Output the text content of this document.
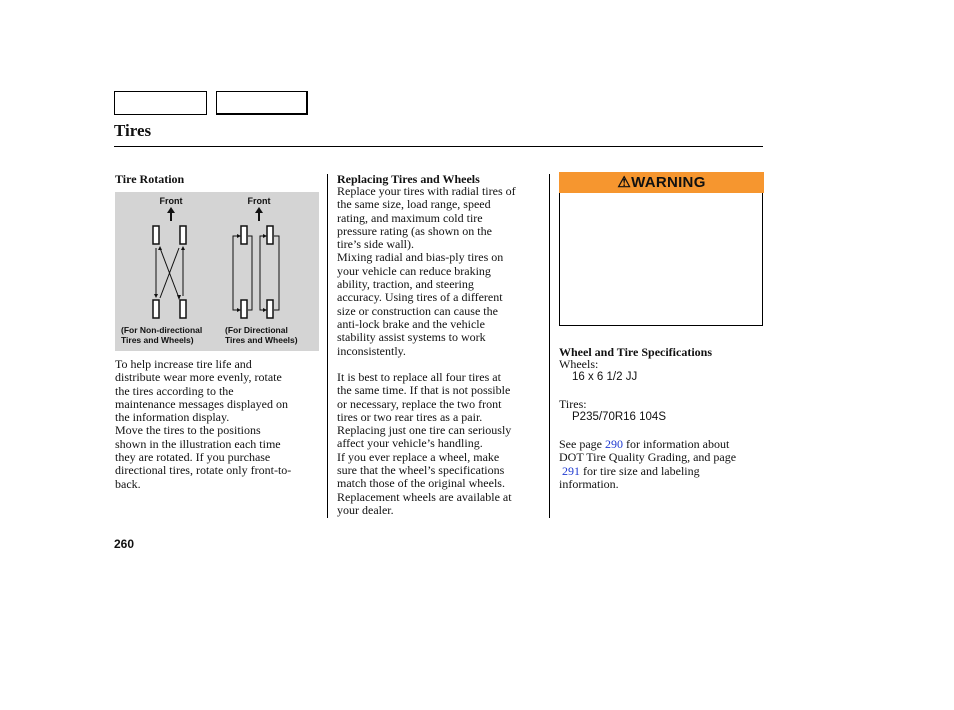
Tires
Tire Rotation
Front	Front
(For Non-directional
Tires and Wheels)
(For Directional
Tires and Wheels)
To help increase tire life and
distribute wear more evenly, rotate
the tires according to the
maintenance messages displayed on
the information display.
Move the tires to the positions
shown in the illustration each time
they are rotated. If you purchase
directional tires, rotate only front-to-
back.
Replacing Tires and Wheels
Replace your tires with radial tires of
the same size, load range, speed
rating, and maximum cold tire
pressure rating (as shown on the
tire’s side wall).
Mixing radial and bias-ply tires on
your vehicle can reduce braking
ability, traction, and steering
accuracy. Using tires of a different
size or construction can cause the
anti-lock brake and the vehicle
stability assist systems to work
inconsistently.
It is best to replace all four tires at
the same time. If that is not possible
or necessary, replace the two front
tires or two rear tires as a pair.
Replacing just one tire can seriously
affect your vehicle’s handling.
If you ever replace a wheel, make
sure that the wheel’s specifications
match those of the original wheels.
Replacement wheels are available at
your dealer.
⚠WARNING
Wheel and Tire Specifications
Wheels:
16 x 6 1/2 JJ
Tires:
P235/70R16 104S
See page 290 for information about
DOT Tire Quality Grading, and page
291 for tire size and labeling
information.
260
